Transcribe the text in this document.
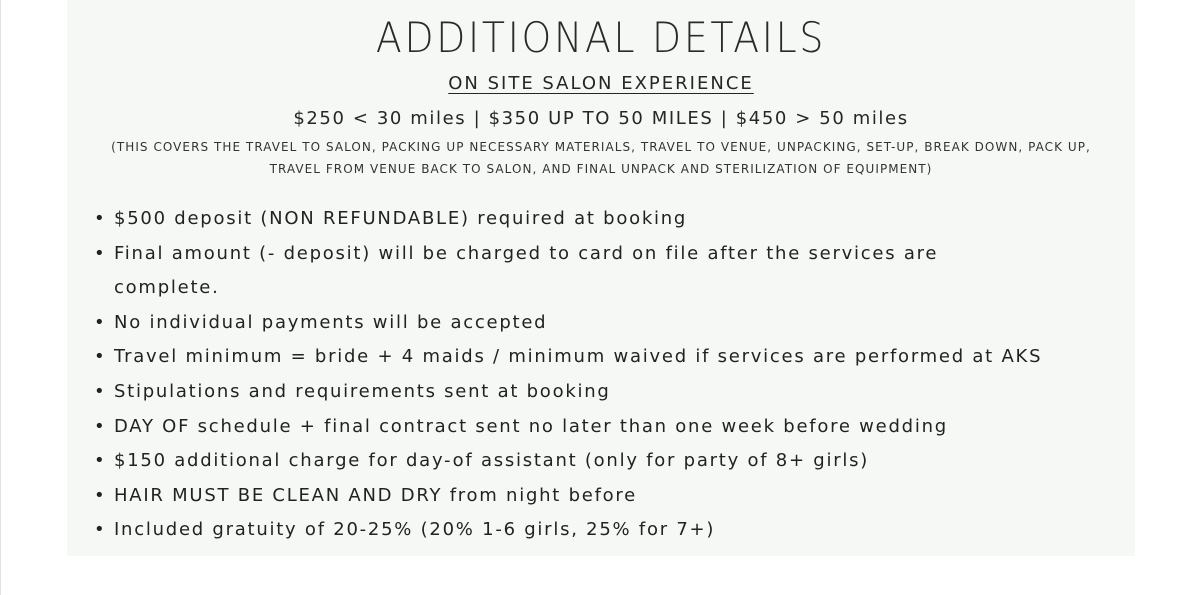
ADDITIONAL DETAILS
ON SITE SALON EXPERIENCE
$250 < 30 miles | $350 UP TO 50 MILES | $450 > 50 miles
(THIS COVERS THE TRAVEL TO SALON, PACKING UP NECESSARY MATERIALS, TRAVEL TO VENUE, UNPACKING, SET-UP, BREAK DOWN, PACK UP,
TRAVEL FROM VENUE BACK TO SALON, AND FINAL UNPACK AND STERILIZATION OF EQUIPMENT)
• $500 deposit (NON REFUNDABLE) required at booking
• Final amount (- deposit) will be charged to card on file after the services are
complete.
• No individual payments will be accepted
• Travel minimum = bride + 4 maids / minimum waived if services are performed at AKS
• Stipulations and requirements sent at booking
• DAY OF schedule + final contract sent no later than one week before wedding
• $150 additional charge for day-of assistant (only for party of 8+ girls)
• HAIR MUST BE CLEAN AND DRY from night before
• Included gratuity of 20-25% (20% 1-6 girls, 25% for 7+)
